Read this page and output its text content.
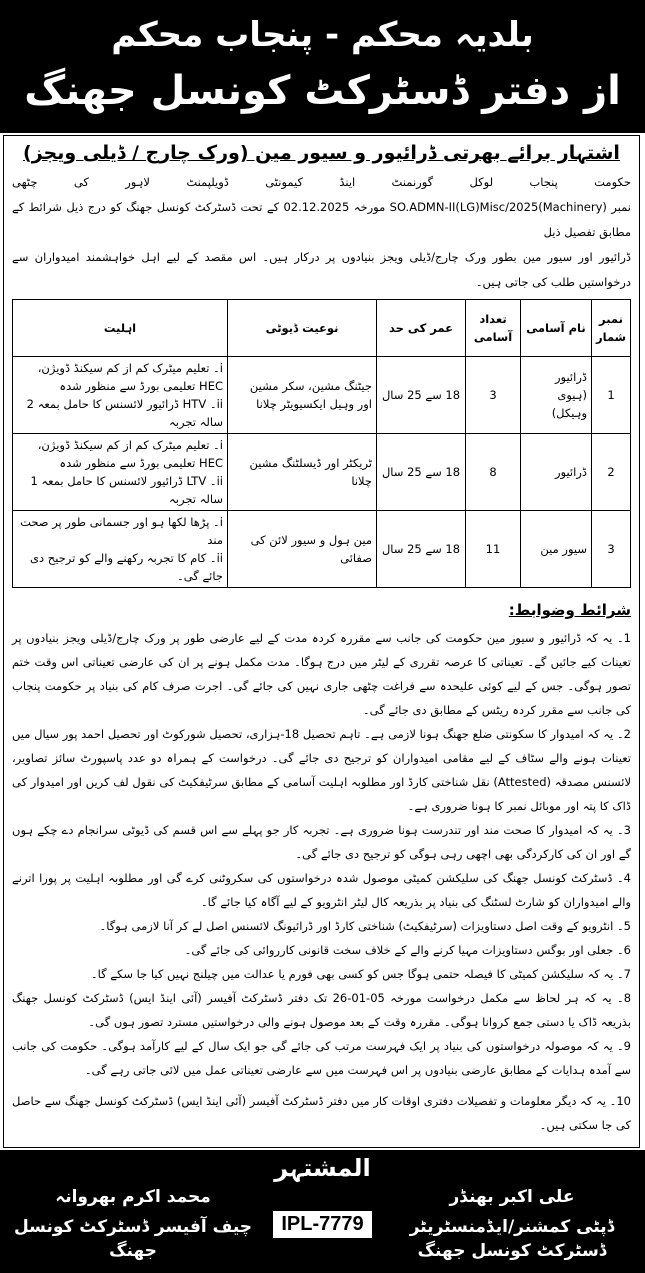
بلدیہ محکم - پنجاب محکم
از دفتر ڈسٹرکٹ کونسل جھنگ
اشتہار برائے بھرتی ڈرائیور و سیور مین (ورک چارج / ڈیلی ویجز)
حکومت
پنجاب
لوکل
گورنمنٹ
اینڈ
کیمونٹی
ڈویلپمنٹ
لاہور
کی
چٹھی
نمبر SO.ADMN-II(LG)Misc/2025(Machinery) مورخہ 02.12.2025 کے تحت ڈسٹرکٹ کونسل جھنگ کو درج ذیل شرائط کے مطابق تفصیل ذیل
ڈرائیور اور سیور مین بطور ورک چارج/ڈیلی ویجز بنیادوں پر درکار ہیں۔ اس مقصد کے لیے اہل خواہشمند امیدواران سے درخواستیں طلب کی جاتی ہیں۔
نمبر شمار	نام آسامی	تعداد آسامی	عمر کی حد	نوعیت ڈیوٹی	اہلیت
1	ڈرائیور (ہیوی وہیکل)	3	18 سے 25 سال	جیٹنگ مشین، سکر مشین اور وہیل ایکسیویٹر چلانا	i۔ تعلیم میٹرک کم از کم سیکنڈ ڈویژن، HEC تعلیمی بورڈ سے منظور شدہ
ii۔ HTV ڈرائیور لائسنس کا حامل بمعہ 2 سالہ تجربہ

2	ڈرائیور	8	18 سے 25 سال	ٹریکٹر اور ڈیسلٹنگ مشین چلانا	i۔ تعلیم میٹرک کم از کم سیکنڈ ڈویژن، HEC تعلیمی بورڈ سے منظور شدہ
ii۔ LTV ڈرائیور لائسنس کا حامل بمعہ 1 سالہ تجربہ

3	سیور مین	11	18 سے 25 سال	مین ہول و سیور لائن کی صفائی	i۔ پڑھا لکھا ہو اور جسمانی طور پر صحت مند
ii۔ کام کا تجربہ رکھنے والے کو ترجیح دی جائے گی۔
شرائط وضوابط:

1۔ یہ کہ ڈرائیور و سیور مین حکومت کی جانب سے مقررہ کردہ مدت کے لیے عارضی طور پر ورک چارج/ڈیلی ویجز بنیادوں پر تعینات کیے جائیں گے۔ تعیناتی کا عرصہ تقرری کے لیٹر میں درج ہوگا۔ مدت مکمل ہونے پر ان کی عارضی تعیناتی اس وقت ختم تصور ہوگی۔ جس کے لیے کوئی علیحدہ سے فراغت چٹھی جاری نہیں کی جائے گی۔ اجرت صرف کام کی بنیاد پر حکومت پنجاب کی جانب سے مقرر کردہ ریٹس کے مطابق دی جائے گی۔

2۔ یہ کہ امیدوار کا سکونتی ضلع جھنگ ہونا لازمی ہے۔ تاہم تحصیل 18-ہزاری، تحصیل شورکوٹ اور تحصیل احمد پور سیال میں تعینات ہونے والے سٹاف کے لیے مقامی امیدواران کو ترجیح دی جائے گی۔ درخواست کے ہمراہ دو عدد پاسپورٹ سائز تصاویر، لائسنس مصدقہ (Attested) نقل شناختی کارڈ اور مطلوبہ اہلیت آسامی کے مطابق سرٹیفکیٹ کی نقول لف کریں اور امیدوار کی ڈاک کا پتہ اور موبائل نمبر کا ہونا ضروری ہے۔

3۔ یہ کہ امیدوار کا صحت مند اور تندرست ہونا ضروری ہے۔ تجربہ کار جو پہلے سے اس قسم کی ڈیوٹی سرانجام دے چکے ہوں گے اور ان کی کارکردگی بھی اچھی رہی ہوگی کو ترجیح دی جائے گی۔

4۔ ڈسٹرکٹ کونسل جھنگ کی سلیکشن کمیٹی موصول شدہ درخواستوں کی سکروٹنی کرے گی اور مطلوبہ اہلیت پر پورا اترنے والے امیدواران کو شارٹ لسٹنگ کی بنیاد پر بذریعہ کال لیٹر انٹرویو کے لیے آگاہ کیا جائے گا۔

5۔ انٹرویو کے وقت اصل دستاویزات (سرٹیفکیٹ) شناختی کارڈ اور ڈرائیونگ لائسنس اصل لے کر آنا لازمی ہوگا۔

6۔ جعلی اور بوگس دستاویزات مہیا کرنے والے کے خلاف سخت قانونی کارروائی کی جائے گی۔

7۔ یہ کہ سلیکشن کمیٹی کا فیصلہ حتمی ہوگا جس کو کسی بھی فورم یا عدالت میں چیلنج نہیں کیا جا سکے گا۔

8۔ یہ کہ ہر لحاظ سے مکمل درخواست مورخہ 05-01-26 تک دفتر ڈسٹرکٹ آفیسر (آئی اینڈ ایس) ڈسٹرکٹ کونسل جھنگ بذریعہ ڈاک یا دستی جمع کروانا ہوگی۔ مقررہ وقت کے بعد موصول ہونے والی درخواستیں مسترد تصور ہوں گی۔

9۔ یہ کہ موصولہ درخواستوں کی بنیاد پر ایک فہرست مرتب کی جائے گی جو ایک سال کے لیے کارآمد ہوگی۔ حکومت کی جانب سے آمدہ ہدایات کے مطابق عارضی بنیادوں پر اس فہرست میں سے عارضی تعیناتی عمل میں لائی جاتی رہے گی۔

10۔ یہ کہ دیگر معلومات و تفصیلات دفتری اوقات کار میں دفتر ڈسٹرکٹ آفیسر (آئی اینڈ ایس) ڈسٹرکٹ کونسل جھنگ سے حاصل کی جا سکتی ہیں۔

المشتہر
علی اکبر بھنڈر
ڈپٹی کمشنر/ایڈمنسٹریٹر ڈسٹرکٹ کونسل جھنگ
IPL-7779
محمد اکرم بھروانہ
چیف آفیسر ڈسٹرکٹ کونسل جھنگ
